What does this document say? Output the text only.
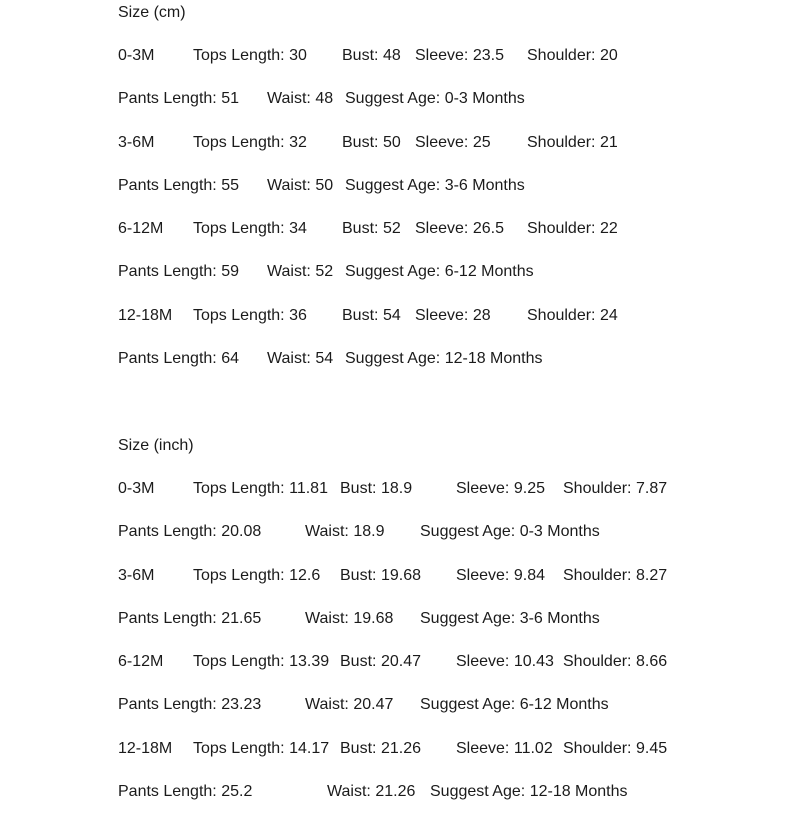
Size (cm)
0-3M	Tops Length: 30	Bust: 48 Sleeve: 23.5	Shoulder: 20
Pants Length: 51	Waist: 48 Suggest Age: 0-3 Months
3-6M	Tops Length: 32	Bust: 50 Sleeve: 25	Shoulder: 21
Pants Length: 55	Waist: 50 Suggest Age: 3-6 Months
6-12M	Tops Length: 34	Bust: 52 Sleeve: 26.5	Shoulder: 22
Pants Length: 59	Waist: 52 Suggest Age: 6-12 Months
12-18M	Tops Length: 36	Bust: 54 Sleeve: 28	Shoulder: 24
Pants Length: 64	Waist: 54 Suggest Age: 12-18 Months
Size (inch)
0-3M	Tops Length: 11.81 Bust: 18.9	Sleeve: 9.25	Shoulder: 7.87
Pants Length: 20.08	Waist: 18.9	Suggest Age: 0-3 Months
3-6M	Tops Length: 12.6	Bust: 19.68	Sleeve: 9.84	Shoulder: 8.27
Pants Length: 21.65	Waist: 19.68	Suggest Age: 3-6 Months
6-12M	Tops Length: 13.39 Bust: 20.47	Sleeve: 10.43 Shoulder: 8.66
Pants Length: 23.23	Waist: 20.47	Suggest Age: 6-12 Months
12-18M	Tops Length: 14.17 Bust: 21.26	Sleeve: 11.02 Shoulder: 9.45
Pants Length: 25.2	Waist: 21.26 Suggest Age: 12-18 Months
